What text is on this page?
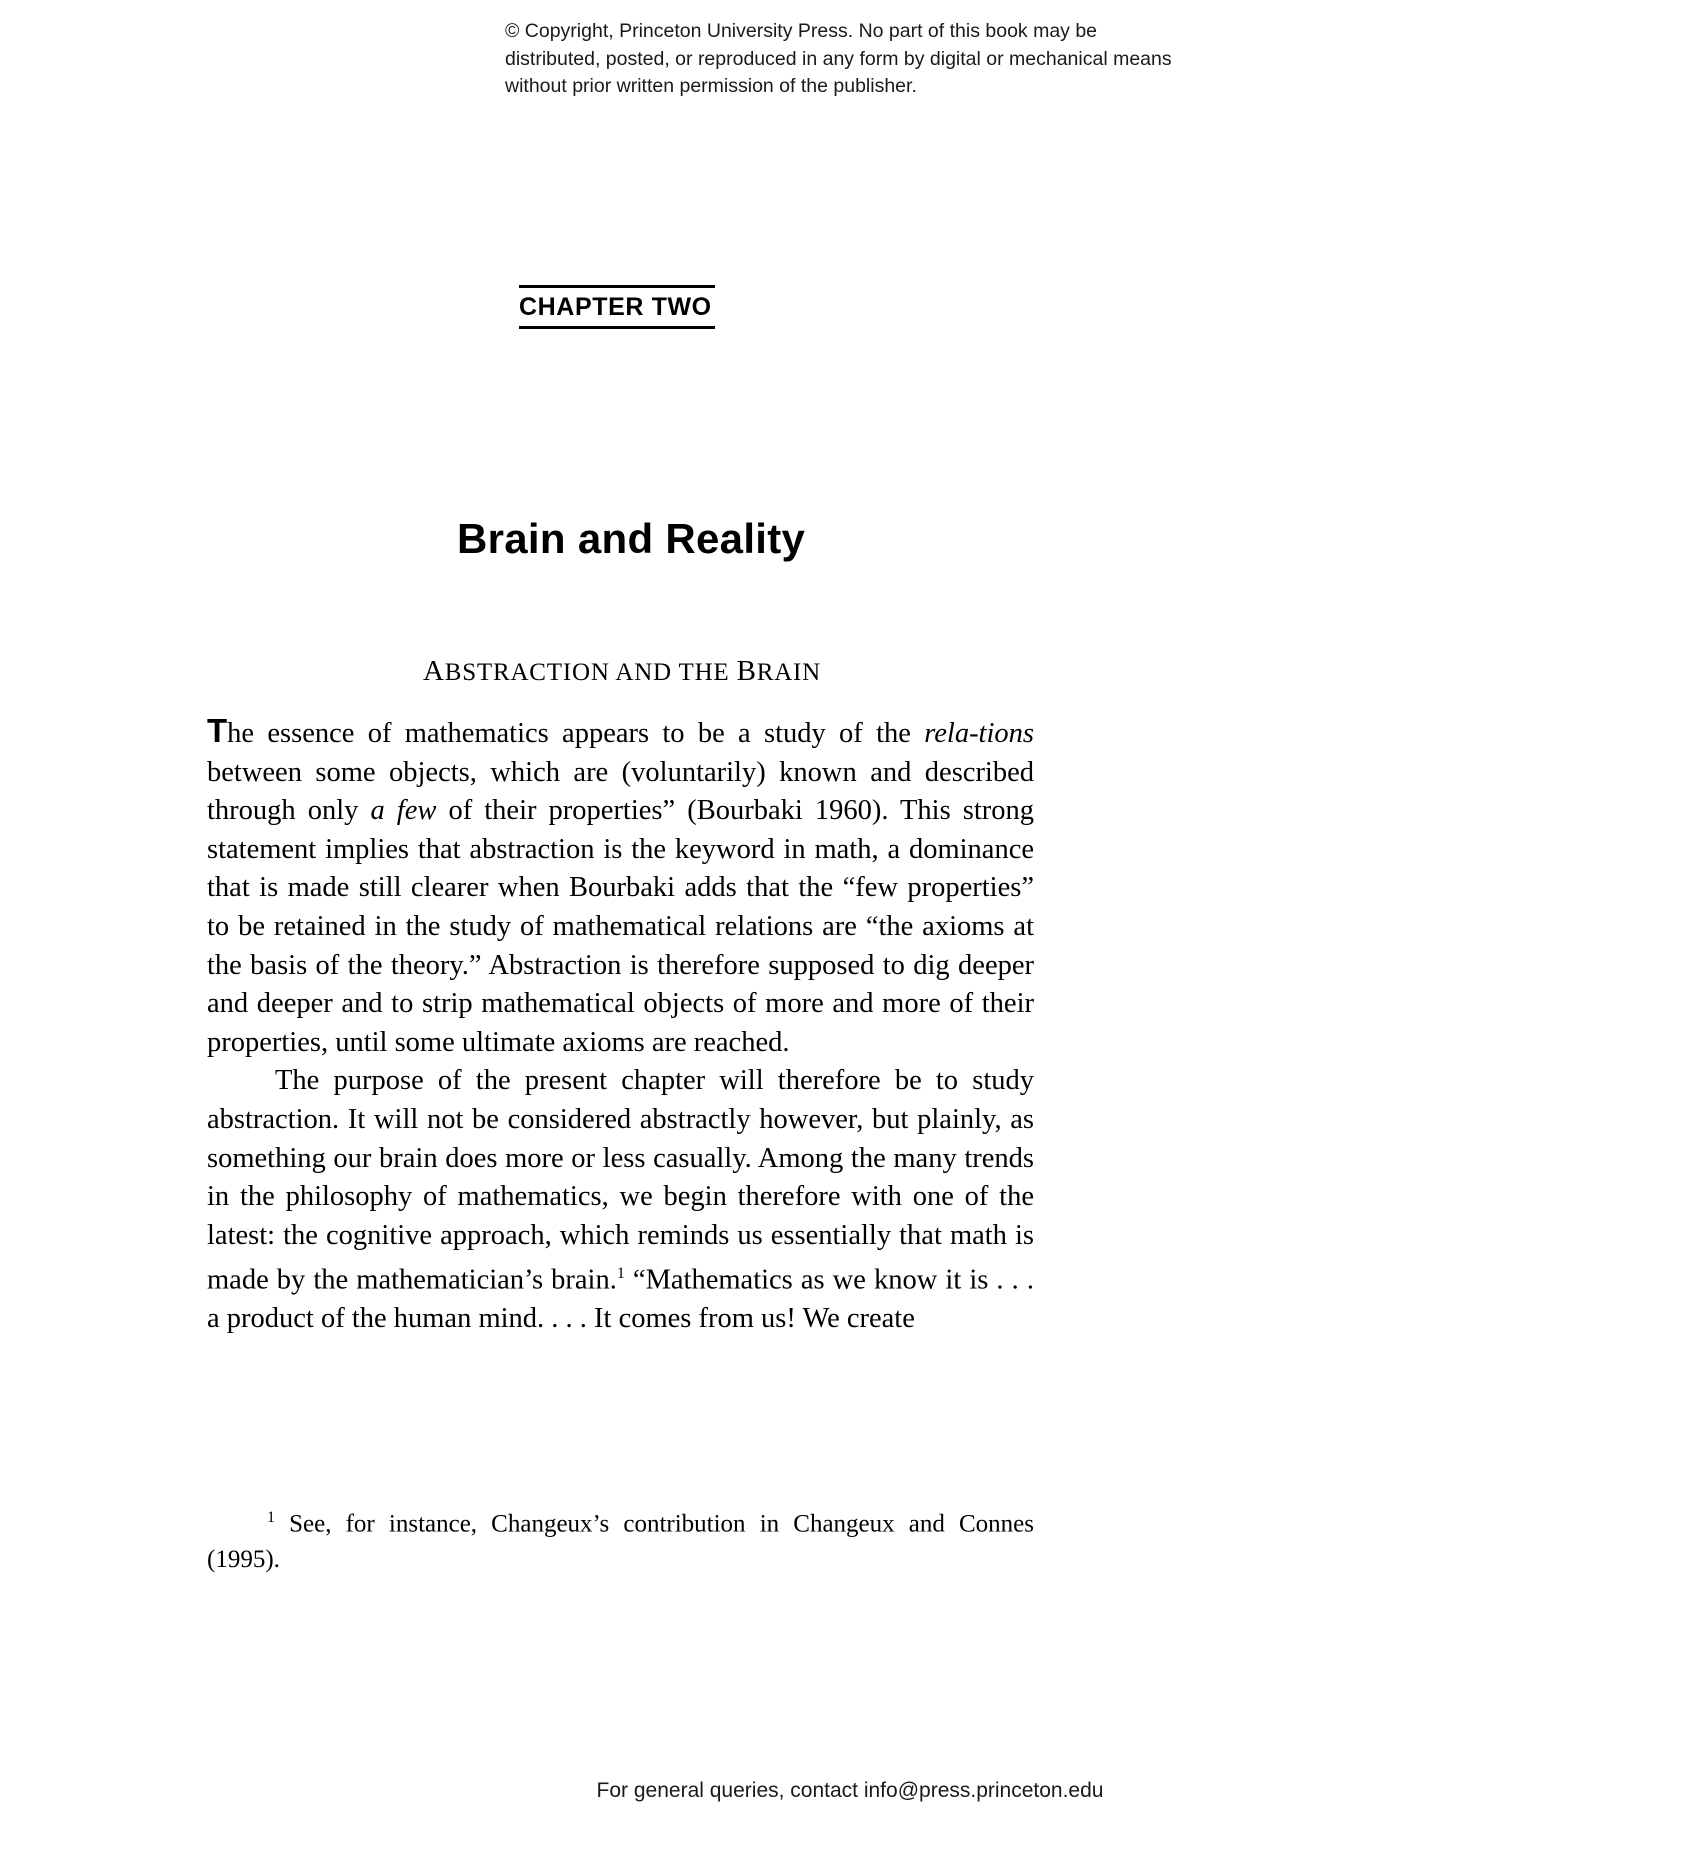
© Copyright, Princeton University Press. No part of this book may be distributed, posted, or reproduced in any form by digital or mechanical means without prior written permission of the publisher.
CHAPTER TWO
Brain and Reality
ABSTRACTION AND THE BRAIN

The essence of mathematics appears to be a study of the rela-tions between some objects, which are (voluntarily) known and described through only a few of their properties” (Bourbaki 1960). This strong statement implies that abstraction is the keyword in math, a dominance that is made still clearer when Bourbaki adds that the “few properties” to be retained in the study of mathematical relations are “the axioms at the basis of the theory.” Abstraction is therefore supposed to dig deeper and deeper and to strip mathematical objects of more and more of their properties, until some ultimate axioms are reached.

The purpose of the present chapter will therefore be to study abstraction. It will not be considered abstractly however, but plainly, as something our brain does more or less casually. Among the many trends in the philosophy of mathematics, we begin therefore with one of the latest: the cognitive approach, which reminds us essentially that math is made by the mathematician’s brain.$^1$ “Mathematics as we know it is . . . a product of the human mind. . . . It comes from us! We create

$^1$ See, for instance, Changeux’s contribution in Changeux and Connes (1995).
For general queries, contact info@press.princeton.edu
